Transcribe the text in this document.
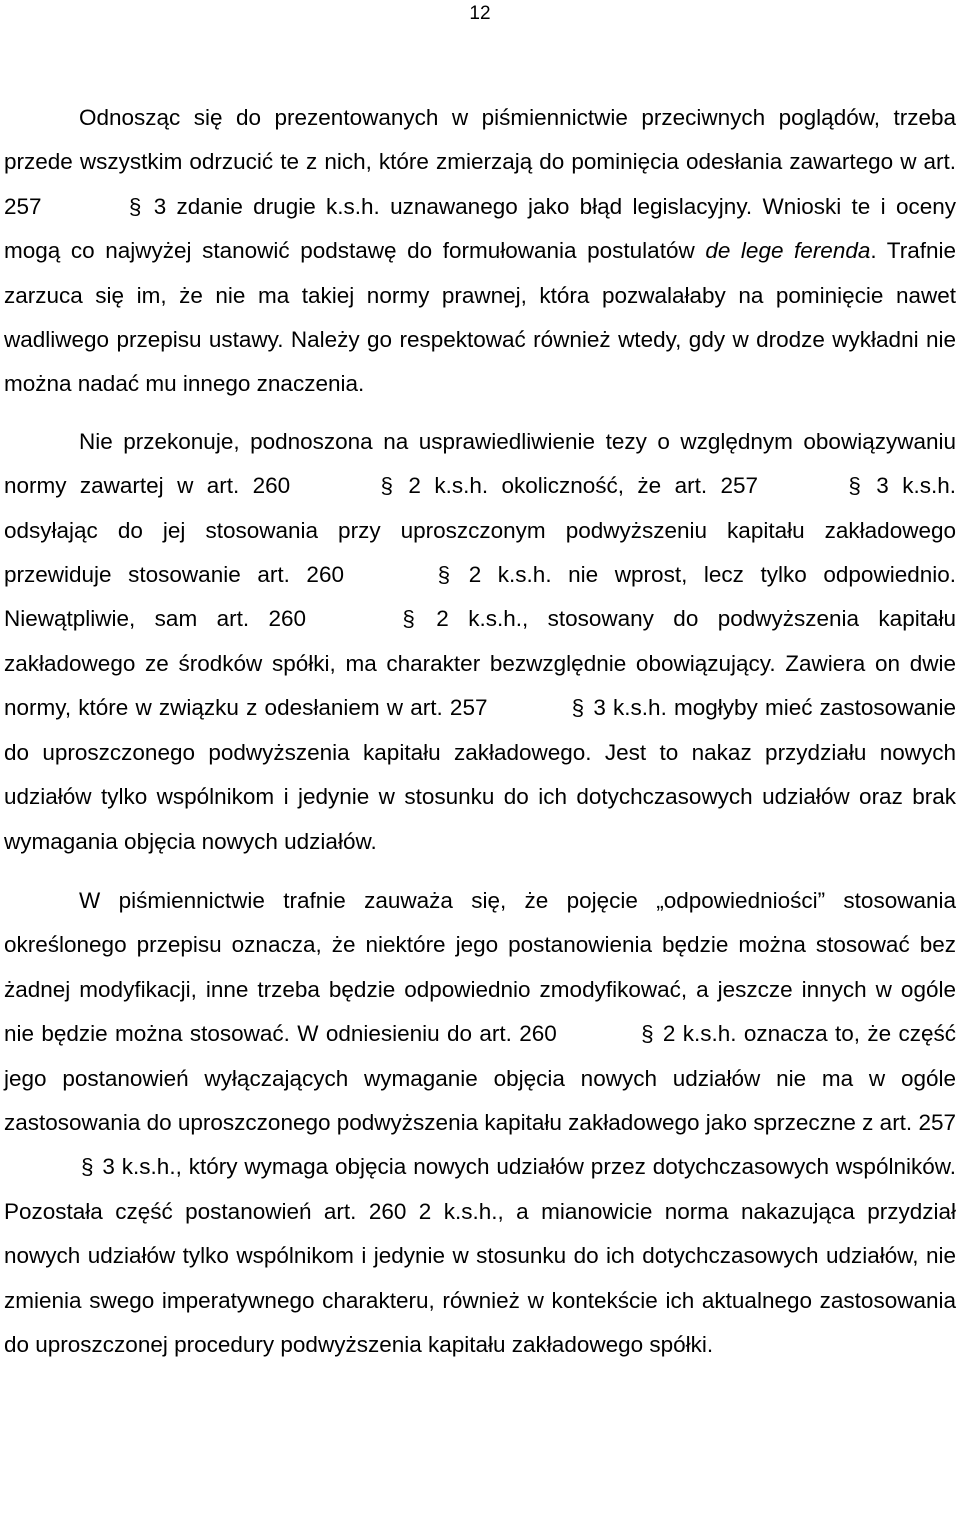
12

Odnosząc się do prezentowanych w piśmiennictwie przeciwnych poglądów, trzeba przede wszystkim odrzucić te z nich, które zmierzają do pominięcia odesłania zawartego w art. 257	§ 3 zdanie drugie k.s.h. uznawanego jako błąd legislacyjny. Wnioski te i oceny mogą co najwyżej stanowić podstawę do formułowania postulatów de lege ferenda. Trafnie zarzuca się im, że nie ma takiej normy prawnej, która pozwalałaby na pominięcie nawet wadliwego przepisu ustawy. Należy go respektować również wtedy, gdy w drodze wykładni nie można nadać mu innego znaczenia.

Nie przekonuje, podnoszona na usprawiedliwienie tezy o względnym obowiązywaniu normy zawartej w art. 260	§ 2 k.s.h. okoliczność, że art. 257	§ 3 k.s.h. odsyłając do jej stosowania przy uproszczonym podwyższeniu kapitału zakładowego przewiduje stosowanie art. 260	§ 2 k.s.h. nie wprost, lecz tylko odpowiednio. Niewątpliwie, sam art. 260	§ 2 k.s.h., stosowany do podwyższenia kapitału zakładowego ze środków spółki, ma charakter bezwzględnie obowiązujący. Zawiera on dwie normy, które w związku z odesłaniem w art. 257	§ 3 k.s.h. mogłyby mieć zastosowanie do uproszczonego podwyższenia kapitału zakładowego. Jest to nakaz przydziału nowych udziałów tylko wspólnikom i jedynie w stosunku do ich dotychczasowych udziałów oraz brak wymagania objęcia nowych udziałów.

W piśmiennictwie trafnie zauważa się, że pojęcie „odpowiedniości” stosowania określonego przepisu oznacza, że niektóre jego postanowienia będzie można stosować bez żadnej modyfikacji, inne trzeba będzie odpowiednio zmodyfikować, a jeszcze innych w ogóle nie będzie można stosować. W odniesieniu do art. 260	§ 2 k.s.h. oznacza to, że część jego postanowień wyłączających wymaganie objęcia nowych udziałów nie ma w ogóle zastosowania do uproszczonego podwyższenia kapitału zakładowego jako sprzeczne z art. 257 § 3 k.s.h., który wymaga objęcia nowych udziałów przez dotychczasowych wspólników. Pozostała część postanowień art. 260 2 k.s.h., a mianowicie norma nakazująca przydział nowych udziałów tylko wspólnikom i jedynie w stosunku do ich dotychczasowych udziałów, nie zmienia swego imperatywnego charakteru, również w kontekście ich aktualnego zastosowania do uproszczonej procedury podwyższenia kapitału zakładowego spółki.
